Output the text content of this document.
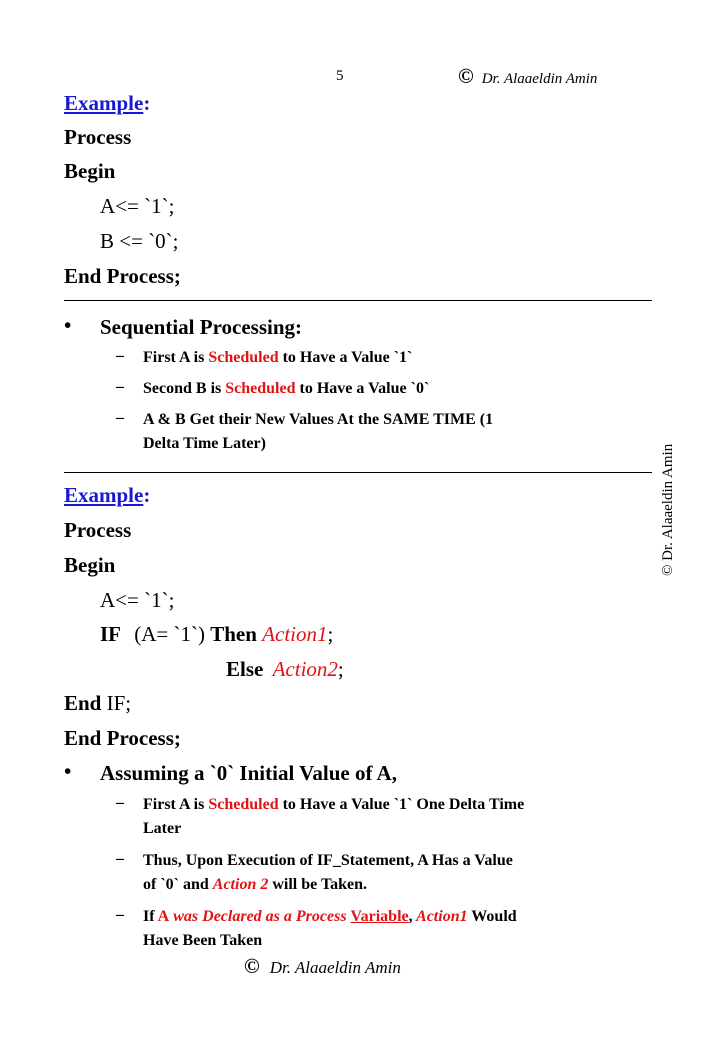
5	© Dr. Alaaeldin Amin
© Dr. Alaaeldin Amin
Example:
Process
Begin
A<= `1`;
B <= `0`;
End Process;
• Sequential Processing:
– First A is Scheduled to Have a Value `1`
– Second B is Scheduled to Have a Value `0`
– A & B Get their New Values At the SAME TIME (1
Delta Time Later)
Example:
Process
Begin
A<= `1`;
IF (A= `1`) Then Action1;
Else Action2;
End IF;
End Process;
• Assuming a `0` Initial Value of A,
– First A is Scheduled to Have a Value `1` One Delta Time
Later
– Thus, Upon Execution of IF_Statement, A Has a Value
of `0` and Action 2 will be Taken.
– If A was Declared as a Process Variable, Action1 Would
Have Been Taken
© Dr. Alaaeldin Amin
